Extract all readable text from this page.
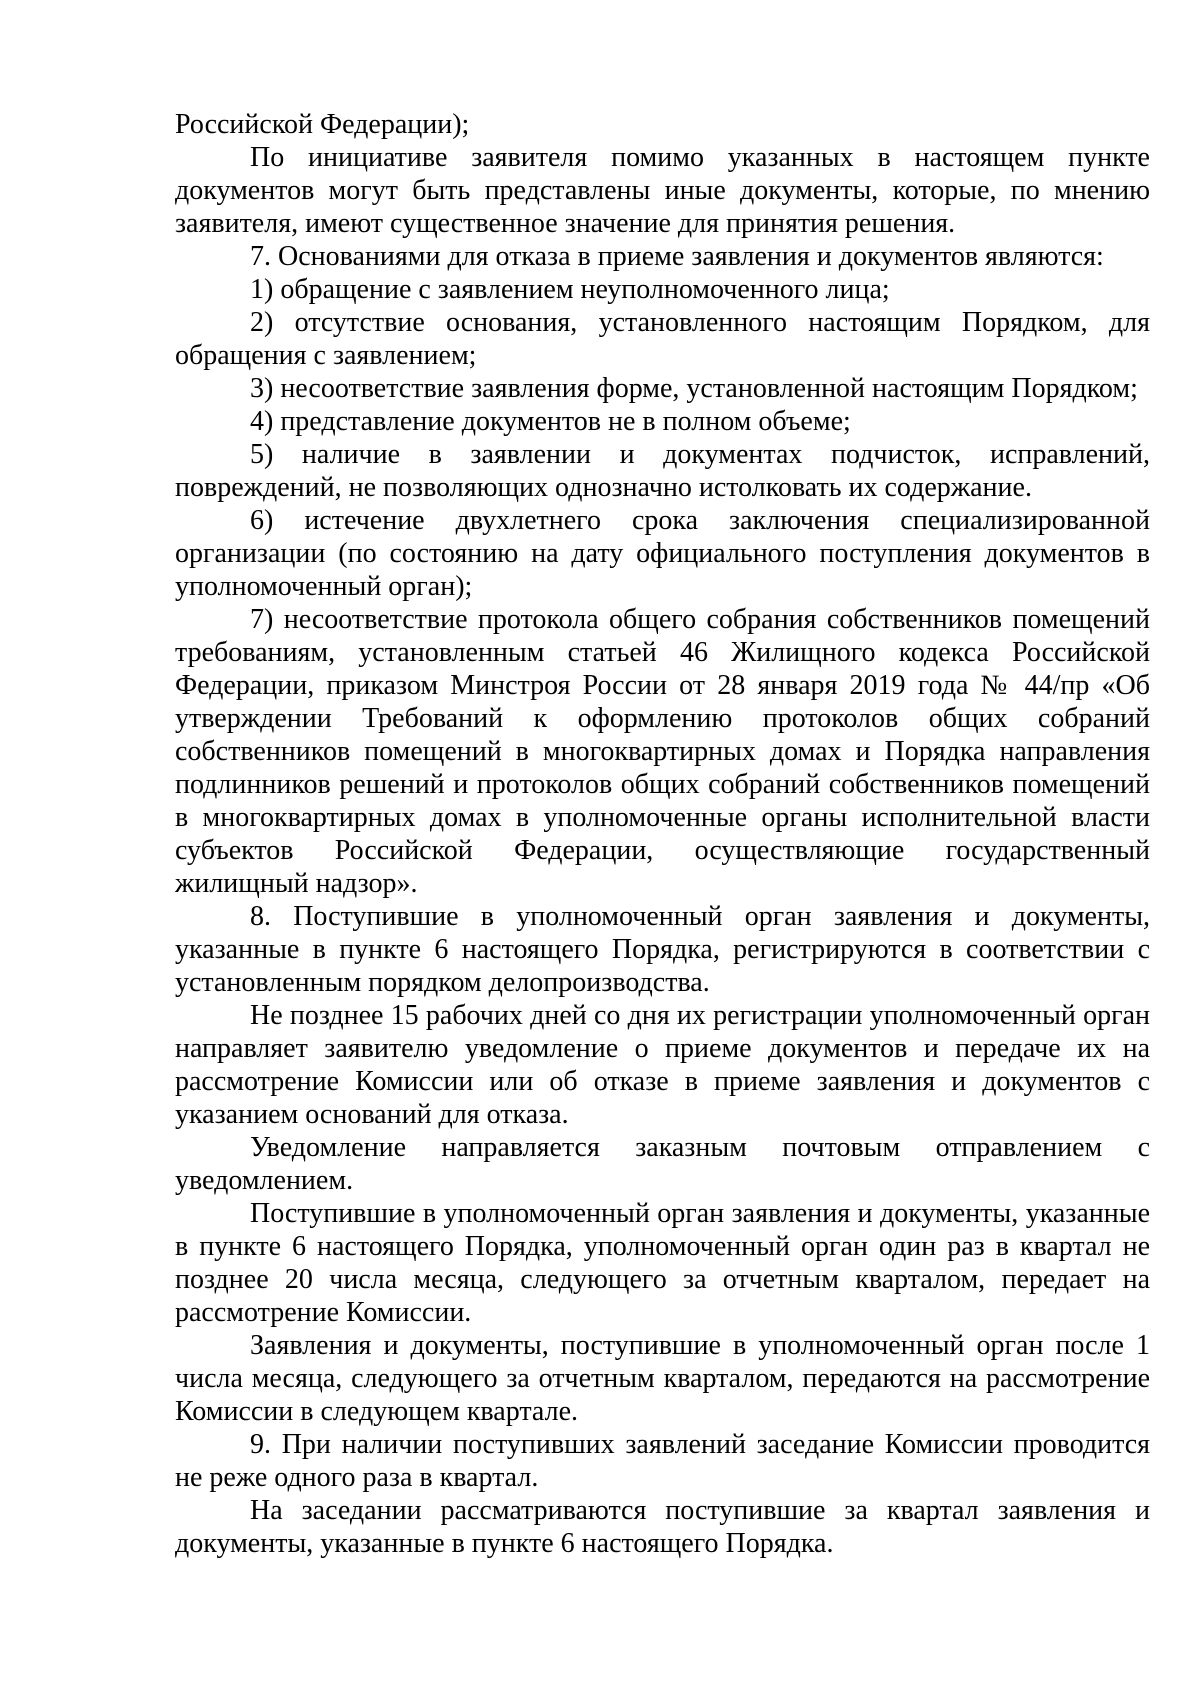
Российской Федерации);

По инициативе заявителя помимо указанных в настоящем пункте документов могут быть представлены иные документы, которые, по мнению заявителя, имеют существенное значение для принятия решения.

7. Основаниями для отказа в приеме заявления и документов являются:

1) обращение с заявлением неуполномоченного лица;

2) отсутствие основания, установленного настоящим Порядком, для обращения с заявлением;

3) несоответствие заявления форме, установленной настоящим Порядком;

4) представление документов не в полном объеме;

5) наличие в заявлении и документах подчисток, исправлений, повреждений, не позволяющих однозначно истолковать их содержание.

6) истечение двухлетнего срока заключения специализированной организации (по состоянию на дату официального поступления документов в уполномоченный орган);

7) несоответствие протокола общего собрания собственников помещений требованиям, установленным статьей 46 Жилищного кодекса Российской Федерации, приказом Минстроя России от 28 января 2019 года № 44/пр «Об утверждении Требований к оформлению протоколов общих собраний собственников помещений в многоквартирных домах и Порядка направления подлинников решений и протоколов общих собраний собственников помещений в многоквартирных домах в уполномоченные органы исполнительной власти субъектов Российской Федерации, осуществляющие государственный жилищный надзор».

8. Поступившие в уполномоченный орган заявления и документы, указанные в пункте 6 настоящего Порядка, регистрируются в соответствии с установленным порядком делопроизводства.

Не позднее 15 рабочих дней со дня их регистрации уполномоченный орган направляет заявителю уведомление о приеме документов и передаче их на рассмотрение Комиссии или об отказе в приеме заявления и документов с указанием оснований для отказа.

Уведомление направляется заказным почтовым отправлением с уведомлением.

Поступившие в уполномоченный орган заявления и документы, указанные в пункте 6 настоящего Порядка, уполномоченный орган один раз в квартал не позднее 20 числа месяца, следующего за отчетным кварталом, передает на рассмотрение Комиссии.

Заявления и документы, поступившие в уполномоченный орган после 1 числа месяца, следующего за отчетным кварталом, передаются на рассмотрение Комиссии в следующем квартале.

9. При наличии поступивших заявлений заседание Комиссии проводится не реже одного раза в квартал.

На заседании рассматриваются поступившие за квартал заявления и документы, указанные в пункте 6 настоящего Порядка.
